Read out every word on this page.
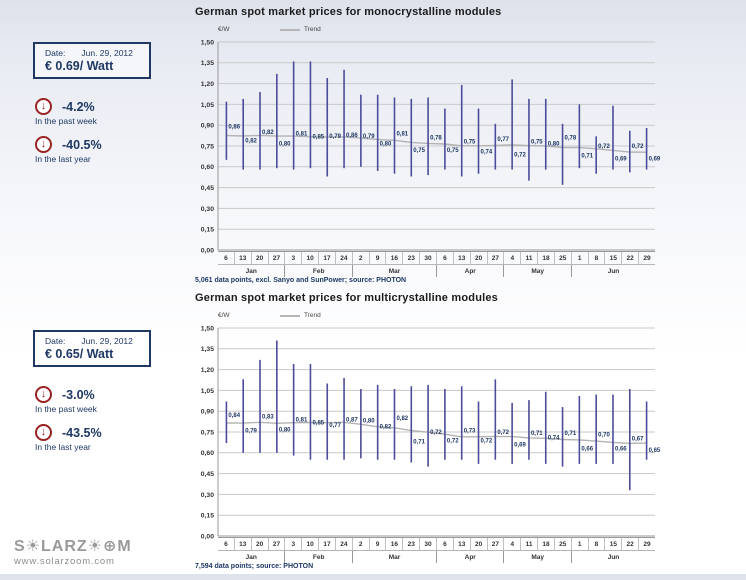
Date: Jun. 29, 2012
€ 0.69/ Watt
↓	-4.2%
In the past week
↓	-40.5%
In the last year
Date: Jun. 29, 2012
€ 0.65/ Watt
↓	-3.0%
In the past week
↓	-43.5%
In the last year
German spot market prices for monocrystalline modules
€/W	Trend
1,50
1,35
1,20
1,05
0,90
0,75
0,60
0,45
0,30
0,15
0,00
0,86
0,82
0,82
0,80
0,81
0,85 0,79 0,86 0,79
0,80
0,81
0,75
0,78
0,75
0,75
0,74
0,77
0,72
0,75 0,80
0,78
0,71
0,72
0,69
0,72
0,69
6	13	20	27	3	10	17	24	2	9	16	23	30	6	13	20	27	4	11	18	25	1	8	15	22	29
Jan	Feb	Mar	Apr	May	Jun
5,061 data points, excl. Sanyo and SunPower; source: PHOTON
German spot market prices for multicrystalline modules
€/W	Trend
1,50
1,35
1,20
1,05
0,90
0,75
0,60
0,45
0,30
0,15
0,00
0,84
0,79
0,83
0,80
0,81
0,85 0,77
0,87 0,80
0,82
0,82
0,71
0,72
0,72
0,73
0,72
0,72
0,69
0,71
0,74
0,71
0,66
0,70
0,66
0,67
0,65
6	13	20	27	3	10	17	24	2	9	16	23	30	6	13	20	27	4	11	18	25	1	8	15	22	29
Jan	Feb	Mar	Apr	May	Jun
7,594 data points; source: PHOTON
S☀LARZ☀⊕M
www.solarzoom.com
